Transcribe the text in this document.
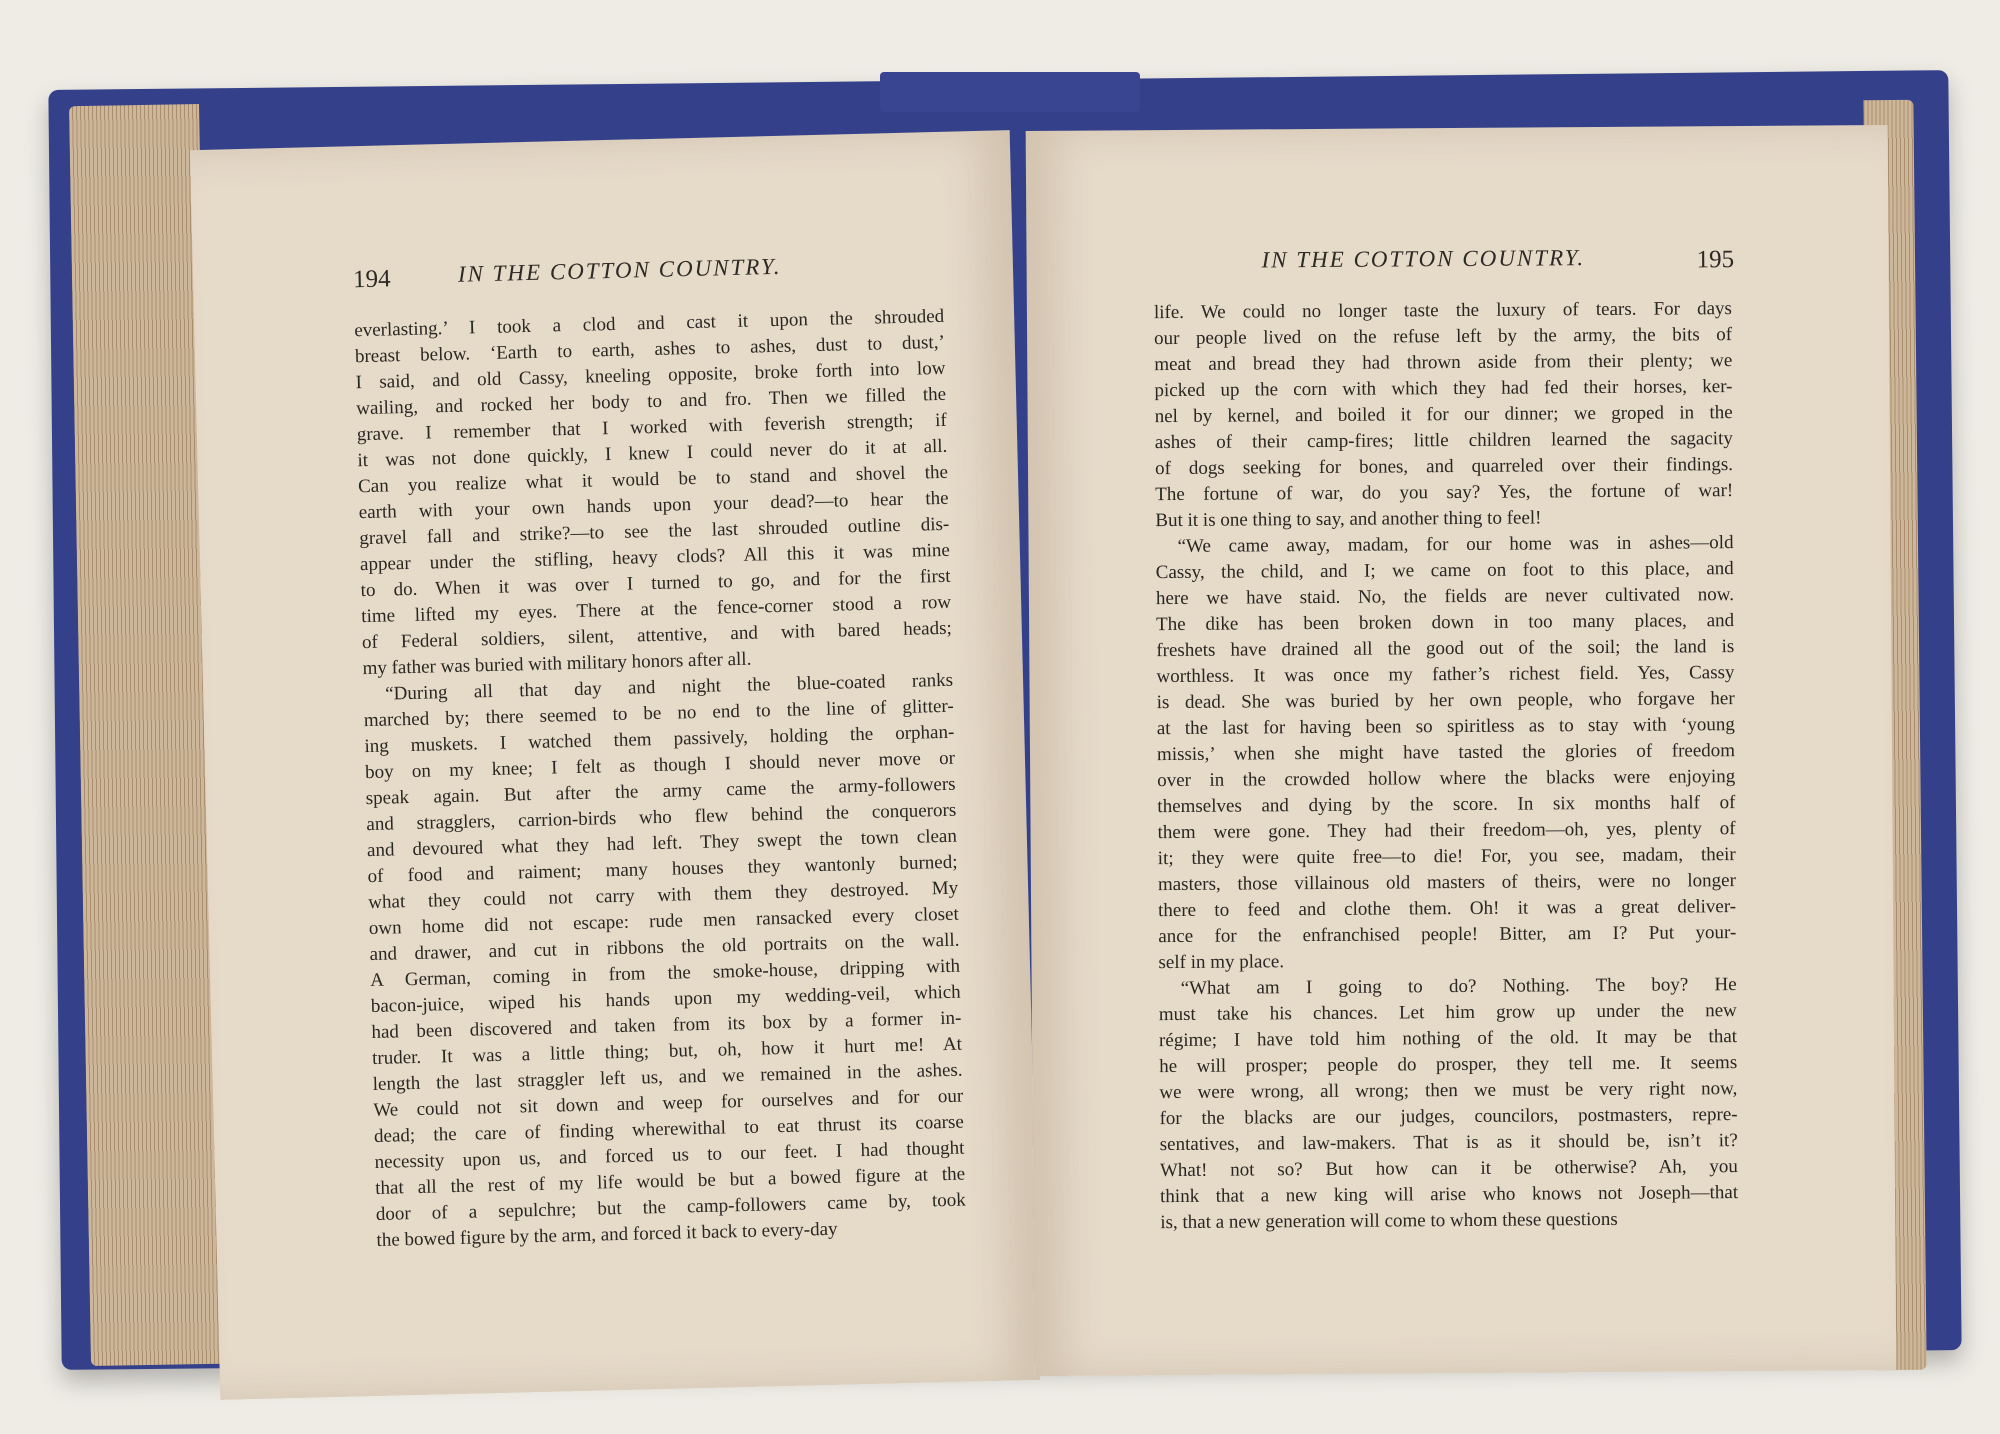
194	IN THE COTTON COUNTRY.
everlasting.’ I took a clod and cast it upon the shrouded
breast below. ‘Earth to earth, ashes to ashes, dust to dust,’
I said, and old Cassy, kneeling opposite, broke forth into low
wailing, and rocked her body to and fro. Then we filled the
grave. I remember that I worked with feverish strength; if
it was not done quickly, I knew I could never do it at all.
Can you realize what it would be to stand and shovel the
earth with your own hands upon your dead?—to hear the
gravel fall and strike?—to see the last shrouded outline dis-
appear under the stifling, heavy clods? All this it was mine
to do. When it was over I turned to go, and for the first
time lifted my eyes. There at the fence-corner stood a row
of Federal soldiers, silent, attentive, and with bared heads;
my father was buried with military honors after all.
“During all that day and night the blue-coated ranks
marched by; there seemed to be no end to the line of glitter-
ing muskets. I watched them passively, holding the orphan-
boy on my knee; I felt as though I should never move or
speak again. But after the army came the army-followers
and stragglers, carrion-birds who flew behind the conquerors
and devoured what they had left. They swept the town clean
of food and raiment; many houses they wantonly burned;
what they could not carry with them they destroyed. My
own home did not escape: rude men ransacked every closet
and drawer, and cut in ribbons the old portraits on the wall.
A German, coming in from the smoke-house, dripping with
bacon-juice, wiped his hands upon my wedding-veil, which
had been discovered and taken from its box by a former in-
truder. It was a little thing; but, oh, how it hurt me! At
length the last straggler left us, and we remained in the ashes.
We could not sit down and weep for ourselves and for our
dead; the care of finding wherewithal to eat thrust its coarse
necessity upon us, and forced us to our feet. I had thought
that all the rest of my life would be but a bowed figure at the
door of a sepulchre; but the camp-followers came by, took
the bowed figure by the arm, and forced it back to every-day
IN THE COTTON COUNTRY.	195
life. We could no longer taste the luxury of tears. For days
our people lived on the refuse left by the army, the bits of
meat and bread they had thrown aside from their plenty; we
picked up the corn with which they had fed their horses, ker-
nel by kernel, and boiled it for our dinner; we groped in the
ashes of their camp-fires; little children learned the sagacity
of dogs seeking for bones, and quarreled over their findings.
The fortune of war, do you say? Yes, the fortune of war!
But it is one thing to say, and another thing to feel!
“We came away, madam, for our home was in ashes—old
Cassy, the child, and I; we came on foot to this place, and
here we have staid. No, the fields are never cultivated now.
The dike has been broken down in too many places, and
freshets have drained all the good out of the soil; the land is
worthless. It was once my father’s richest field. Yes, Cassy
is dead. She was buried by her own people, who forgave her
at the last for having been so spiritless as to stay with ‘young
missis,’ when she might have tasted the glories of freedom
over in the crowded hollow where the blacks were enjoying
themselves and dying by the score. In six months half of
them were gone. They had their freedom—oh, yes, plenty of
it; they were quite free—to die! For, you see, madam, their
masters, those villainous old masters of theirs, were no longer
there to feed and clothe them. Oh! it was a great deliver-
ance for the enfranchised people! Bitter, am I? Put your-
self in my place.
“What am I going to do? Nothing. The boy? He
must take his chances. Let him grow up under the new
régime; I have told him nothing of the old. It may be that
he will prosper; people do prosper, they tell me. It seems
we were wrong, all wrong; then we must be very right now,
for the blacks are our judges, councilors, postmasters, repre-
sentatives, and law-makers. That is as it should be, isn’t it?
What! not so? But how can it be otherwise? Ah, you
think that a new king will arise who knows not Joseph—that
is, that a new generation will come to whom these questions
